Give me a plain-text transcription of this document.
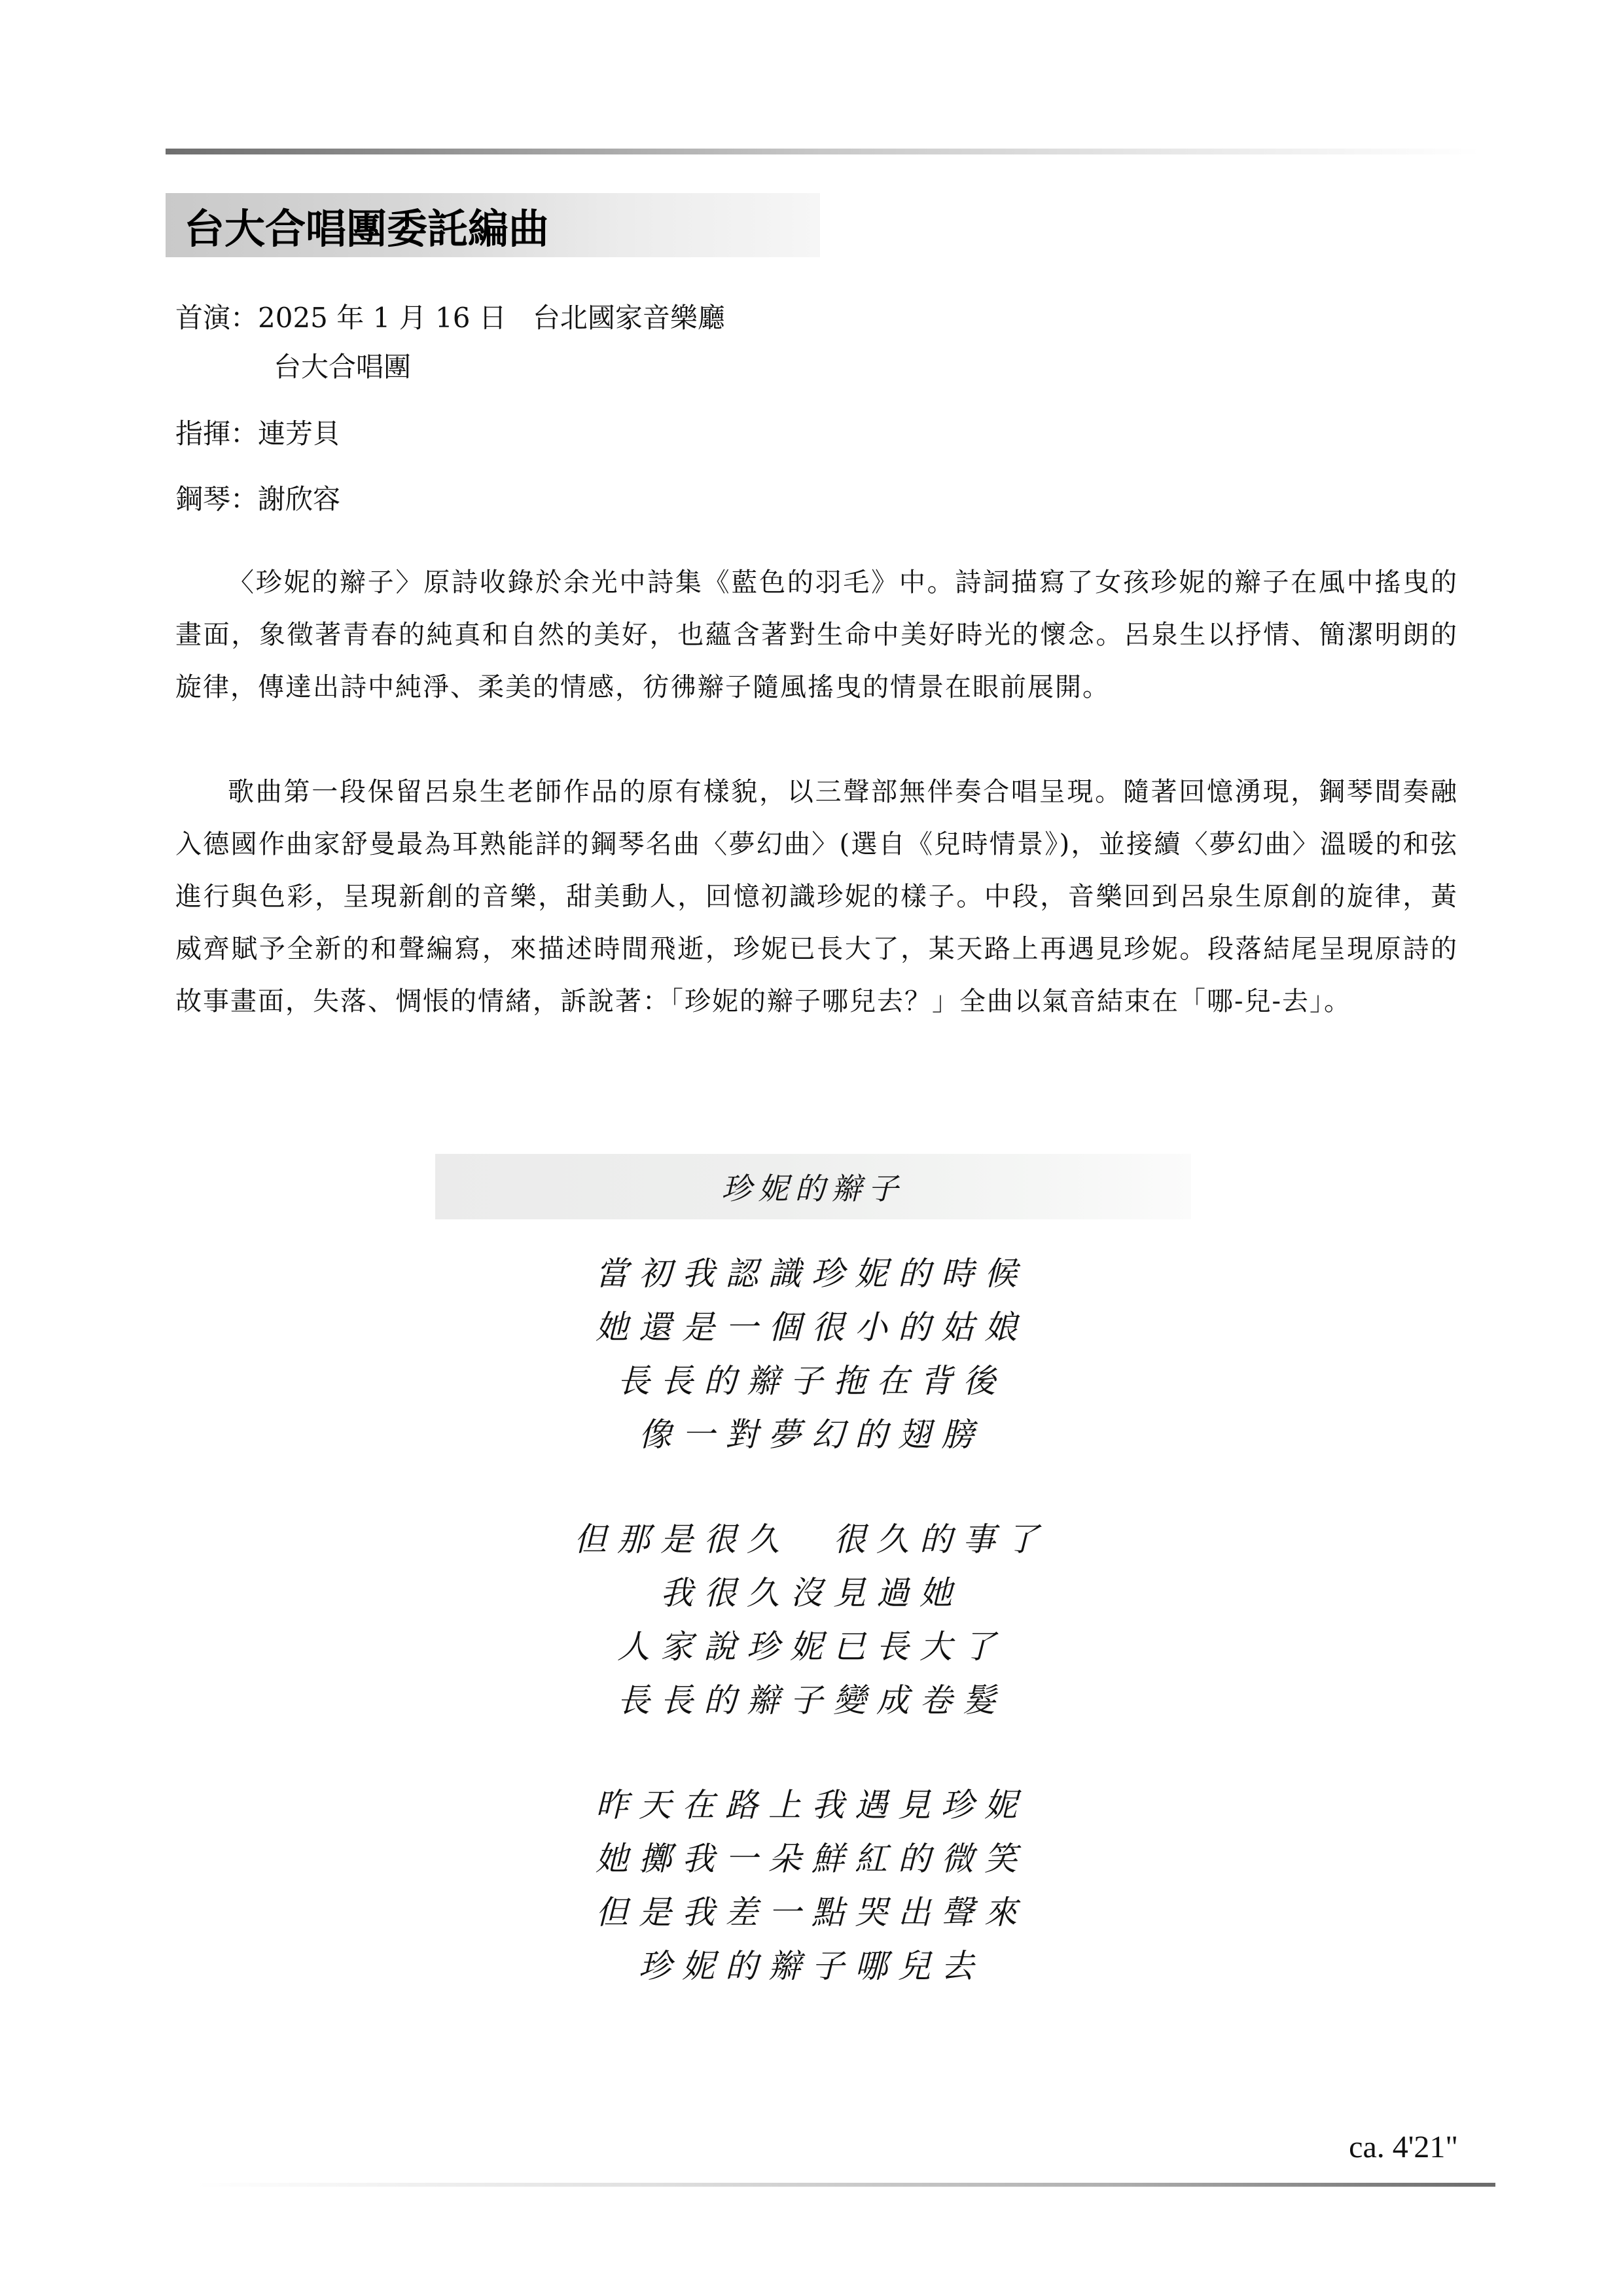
台大合唱團委託編曲
首演：2025 年 1 月 16 日 台北國家音樂廳
台大合唱團
指揮：連芳貝
鋼琴：謝欣容

〈珍妮的辮子〉原詩收錄於余光中詩集《藍色的羽毛》中。詩詞描寫了女孩珍妮的辮子在風中搖曳的畫面，象徵著青春的純真和自然的美好，也蘊含著對生命中美好時光的懷念。呂泉生以抒情、簡潔明朗的旋律，傳達出詩中純淨、柔美的情感，彷彿辮子隨風搖曳的情景在眼前展開。

歌曲第一段保留呂泉生老師作品的原有樣貌，以三聲部無伴奏合唱呈現。隨著回憶湧現，鋼琴間奏融入德國作曲家舒曼最為耳熟能詳的鋼琴名曲〈夢幻曲〉(選自《兒時情景》)，並接續〈夢幻曲〉溫暖的和弦進行與色彩，呈現新創的音樂，甜美動人，回憶初識珍妮的樣子。中段，音樂回到呂泉生原創的旋律，黃威齊賦予全新的和聲編寫，來描述時間飛逝，珍妮已長大了，某天路上再遇見珍妮。段落結尾呈現原詩的故事畫面，失落、惆悵的情緒，訴說著：「珍妮的辮子哪兒去？」全曲以氣音結束在「哪-兒-去」。

珍妮的辮子
當初我認識珍妮的時候
她還是一個很小的姑娘
長長的辮子拖在背後
像一對夢幻的翅膀
但那是很久　很久的事了
我很久沒見過她
人家說珍妮已長大了
長長的辮子變成卷髮
昨天在路上我遇見珍妮
她擲我一朵鮮紅的微笑
但是我差一點哭出聲來
珍妮的辮子哪兒去
ca. 4'21"
